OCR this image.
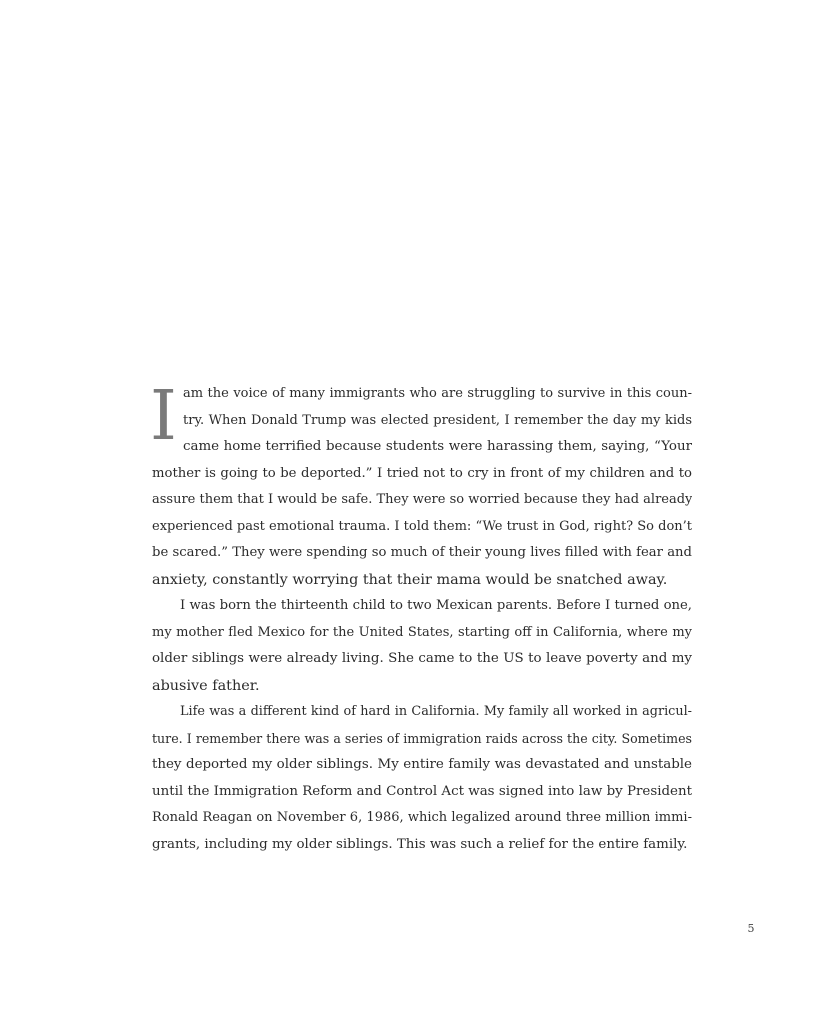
I am the voice of many immigrants who are struggling to survive in this coun-
try. When Donald Trump was elected president, I remember the day my kids
came home terrified because students were harassing them, saying, “Your
mother is going to be deported.” I tried not to cry in front of my children and to
assure them that I would be safe. They were so worried because they had already
experienced past emotional trauma. I told them: “We trust in God, right? So don’t
be scared.” They were spending so much of their young lives filled with fear and
anxiety, constantly worrying that their mama would be snatched away.
I was born the thirteenth child to two Mexican parents. Before I turned one,
my mother fled Mexico for the United States, starting off in California, where my
older siblings were already living. She came to the US to leave poverty and my
abusive father.
Life was a different kind of hard in California. My family all worked in agricul-
ture. I remember there was a series of immigration raids across the city. Sometimes
they deported my older siblings. My entire family was devastated and unstable
until the Immigration Reform and Control Act was signed into law by President
Ronald Reagan on November 6, 1986, which legalized around three million immi-
grants, including my older siblings. This was such a relief for the entire family.
5
